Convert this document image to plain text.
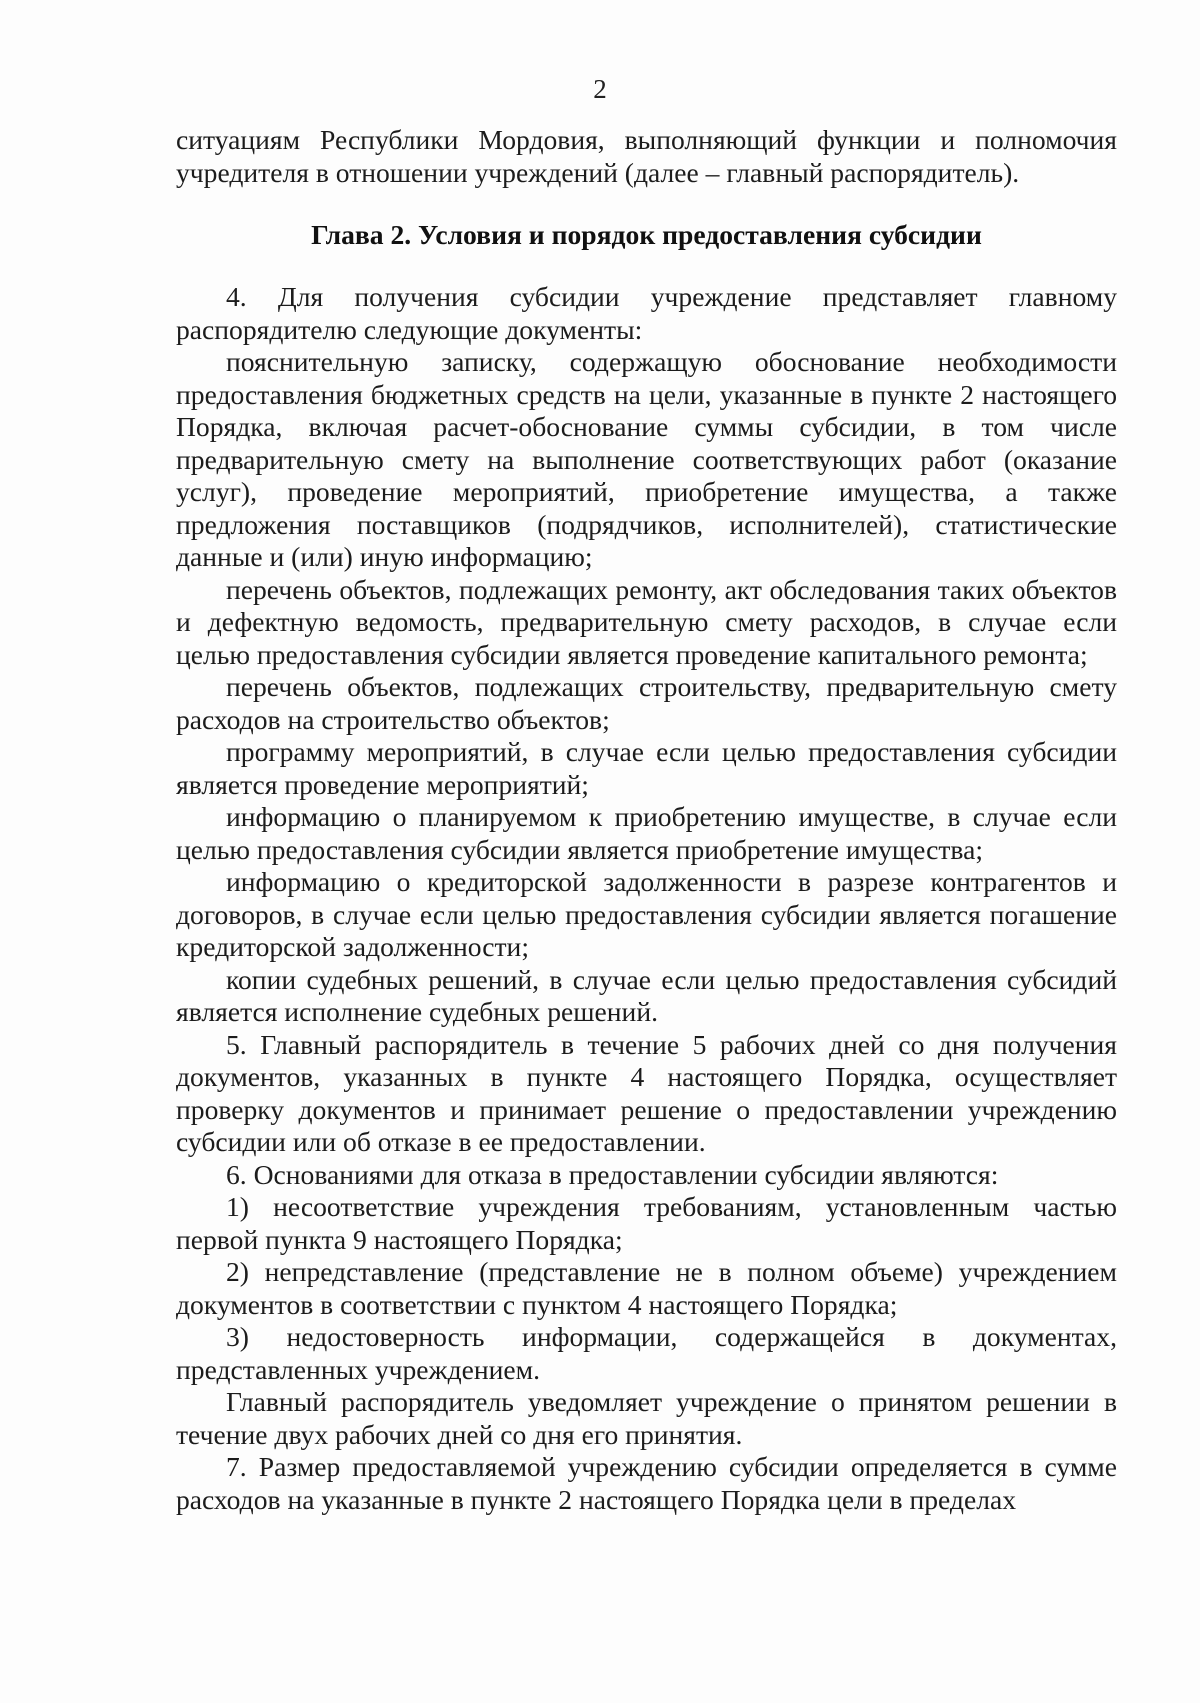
2

ситуациям Республики Мордовия, выполняющий функции и полномочия учредителя в отношении учреждений (далее – главный распорядитель).

Глава 2. Условия и порядок предоставления субсидии

4. Для получения субсидии учреждение представляет главному распорядителю следующие документы:

пояснительную записку, содержащую обоснование необходимости предоставления бюджетных средств на цели, указанные в пункте 2 настоящего Порядка, включая расчет-обоснование суммы субсидии, в том числе предварительную смету на выполнение соответствующих работ (оказание услуг), проведение мероприятий, приобретение имущества, а также предложения поставщиков (подрядчиков, исполнителей), статистические данные и (или) иную информацию;

перечень объектов, подлежащих ремонту, акт обследования таких объектов и дефектную ведомость, предварительную смету расходов, в случае если целью предоставления субсидии является проведение капитального ремонта;

перечень объектов, подлежащих строительству, предварительную смету расходов на строительство объектов;

программу мероприятий, в случае если целью предоставления субсидии является проведение мероприятий;

информацию о планируемом к приобретению имуществе, в случае если целью предоставления субсидии является приобретение имущества;

информацию о кредиторской задолженности в разрезе контрагентов и договоров, в случае если целью предоставления субсидии является погашение кредиторской задолженности;

копии судебных решений, в случае если целью предоставления субсидий является исполнение судебных решений.

5. Главный распорядитель в течение 5 рабочих дней со дня получения документов, указанных в пункте 4 настоящего Порядка, осуществляет проверку документов и принимает решение о предоставлении учреждению субсидии или об отказе в ее предоставлении.

6. Основаниями для отказа в предоставлении субсидии являются:

1) несоответствие учреждения требованиям, установленным частью первой пункта 9 настоящего Порядка;

2) непредставление (представление не в полном объеме) учреждением документов в соответствии с пунктом 4 настоящего Порядка;

3) недостоверность информации, содержащейся в документах, представленных учреждением.

Главный распорядитель уведомляет учреждение о принятом решении в течение двух рабочих дней со дня его принятия.

7. Размер предоставляемой учреждению субсидии определяется в сумме расходов на указанные в пункте 2 настоящего Порядка цели в пределах
